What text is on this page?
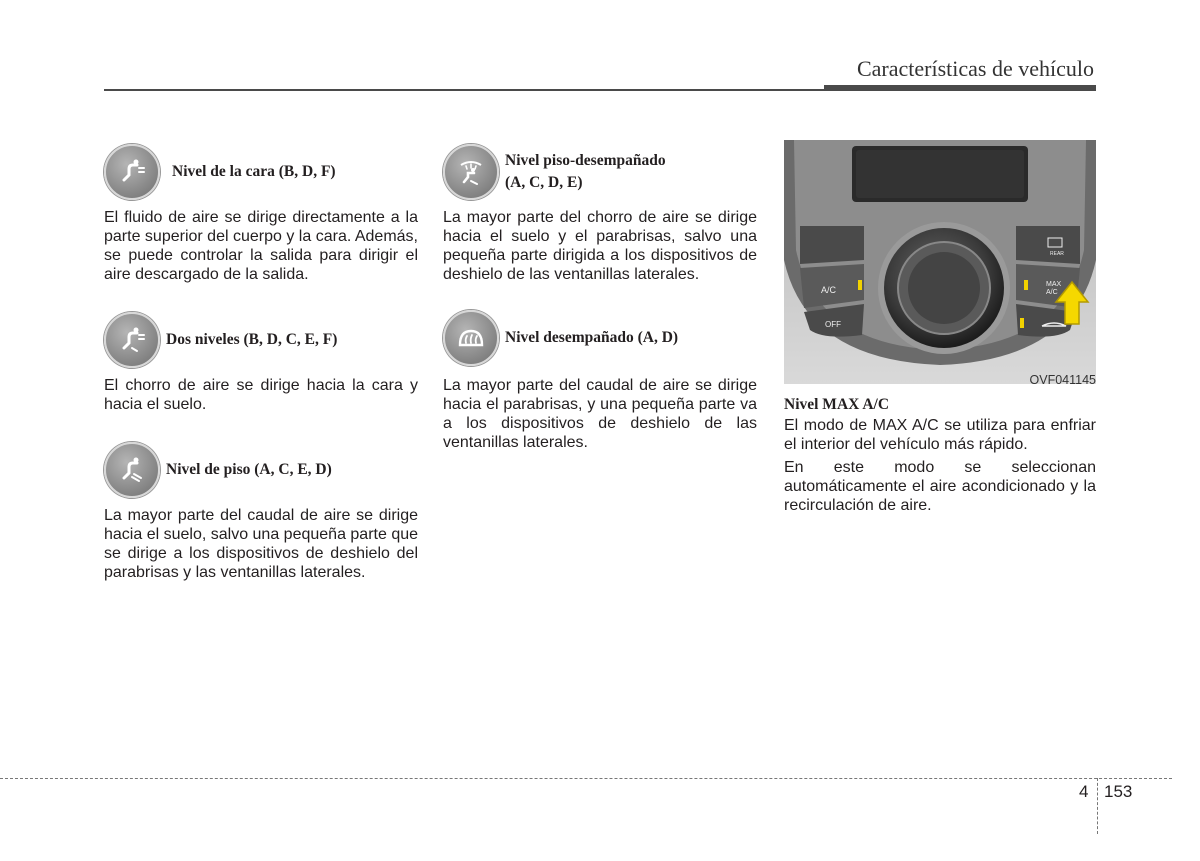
Características de vehículo
Nivel de la cara (B, D, F)

El fluido de aire se dirige directamente a la parte superior del cuerpo y la cara. Además, se puede controlar la salida para dirigir el aire descargado de la salida.

Dos niveles (B, D, C, E, F)

El chorro de aire se dirige hacia la cara y hacia el suelo.

Nivel de piso (A, C, E, D)

La mayor parte del caudal de aire se dirige hacia el suelo, salvo una pequeña parte que se dirige a los dispositivos de deshielo del parabrisas y las ventanillas laterales.

Nivel piso-desempañado
(A, C, D, E)

La mayor parte del chorro de aire se dirige hacia el suelo y el parabrisas, salvo una pequeña parte dirigida a los dispositivos de deshielo de las ventanillas laterales.

Nivel desempañado (A, D)

La mayor parte del caudal de aire se dirige hacia el parabrisas, y una pequeña parte va a los dispositivos de deshielo de las ventanillas laterales.

A/C
OFF
MAX
A/C
REAR
OVF041145
Nivel MAX A/C

El modo de MAX A/C se utiliza para enfriar el interior del vehículo más rápido.

En este modo se seleccionan automáticamente el aire acondicionado y la recirculación de aire.

4 153
